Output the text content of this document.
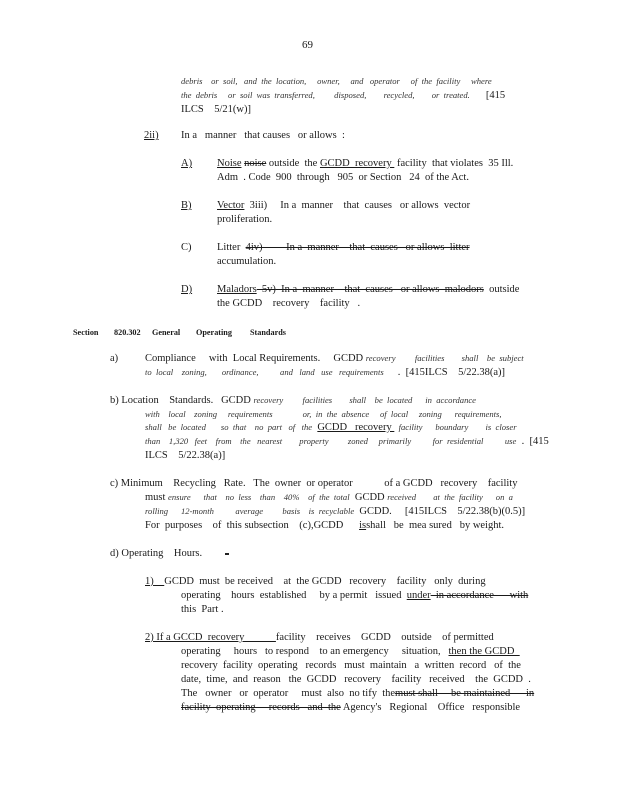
69
debris    or  soil,   and  the  location,     owner,     and   operator     of  the  facility     where
the  debris     or  soil  was  transferred,         disposed,        recycled,        or  treated. [415
ILCS    5/21(w)]
2ii) In a   manner   that causes   or allows  :
A) Noise noise outside  the GCDD  recovery  facility  that violates  35 Ill.
Adm  . Code  900  through   905  or Section   24  of the Act.
B) Vector  3iii)     In a  manner    that  causes   or allows  vector
proliferation.
C) Litter  4iv)         In a  manner    that  causes   or allows  litter
accumulation.
D) Maladors  5v)  In a  manner    that  causes   or allows  malodors  outside
the GCDD    recovery    facility   .
Section 820.302 General Operating Standards
a)	Compliance     with  Local Requirements.     GCDD recovery         facilities        shall    be  subject
to  local    zoning,       ordinance,          and   land   use   requirements .  [415ILCS    5/22.38(a)]
b) Location    Standards.   GCDD recovery         facilities        shall    be  located      in  accordance
with    local    zoning     requirements              or,  in  the  absence     of  local     zoning      requirements,
shall   be  located       so  that    no  part   of   the GCDD   recovery   facility      boundary        is  closer
than    1,320   feet    from    the   nearest        property         zoned     primarily          for  residential          use  .  [415
ILCS    5/22.38(a)]
c) Minimum    Recycling   Rate.   The  owner  or operator            of a GCDD   recovery    facility
must ensure      that    no  less    than    40%    of  the  total GCDD received        at  the  facility      on  a
rolling      12-month          average         basis    is  recyclable GCDD.     [415ILCS    5/22.38(b)(0.5)]
For  purposes    of  this subsection    (c),GCDD      isshall   be  mea sured   by weight.
d) Operating    Hours.
1)    GCDD  must  be received    at  the GCDD   recovery    facility   only  during
operating    hours  established     by a permit   issued  under  in accordance      with
this  Part .
2) If a GCCD  recovery            facility    receives    GCDD    outside    of permitted
operating     hours   to respond    to an emergency     situation,   then the GCDD
recovery  facility  operating   records   must  maintain   a  written  record   of  the
date,  time,  and  reason   the  GCDD   recovery    facility   received    the  GCDD  .
The   owner   or  operator     must  also  no tify  themust shall     be maintained      in
facility  operating     records   and  the Agency's   Regional    Office   responsible
